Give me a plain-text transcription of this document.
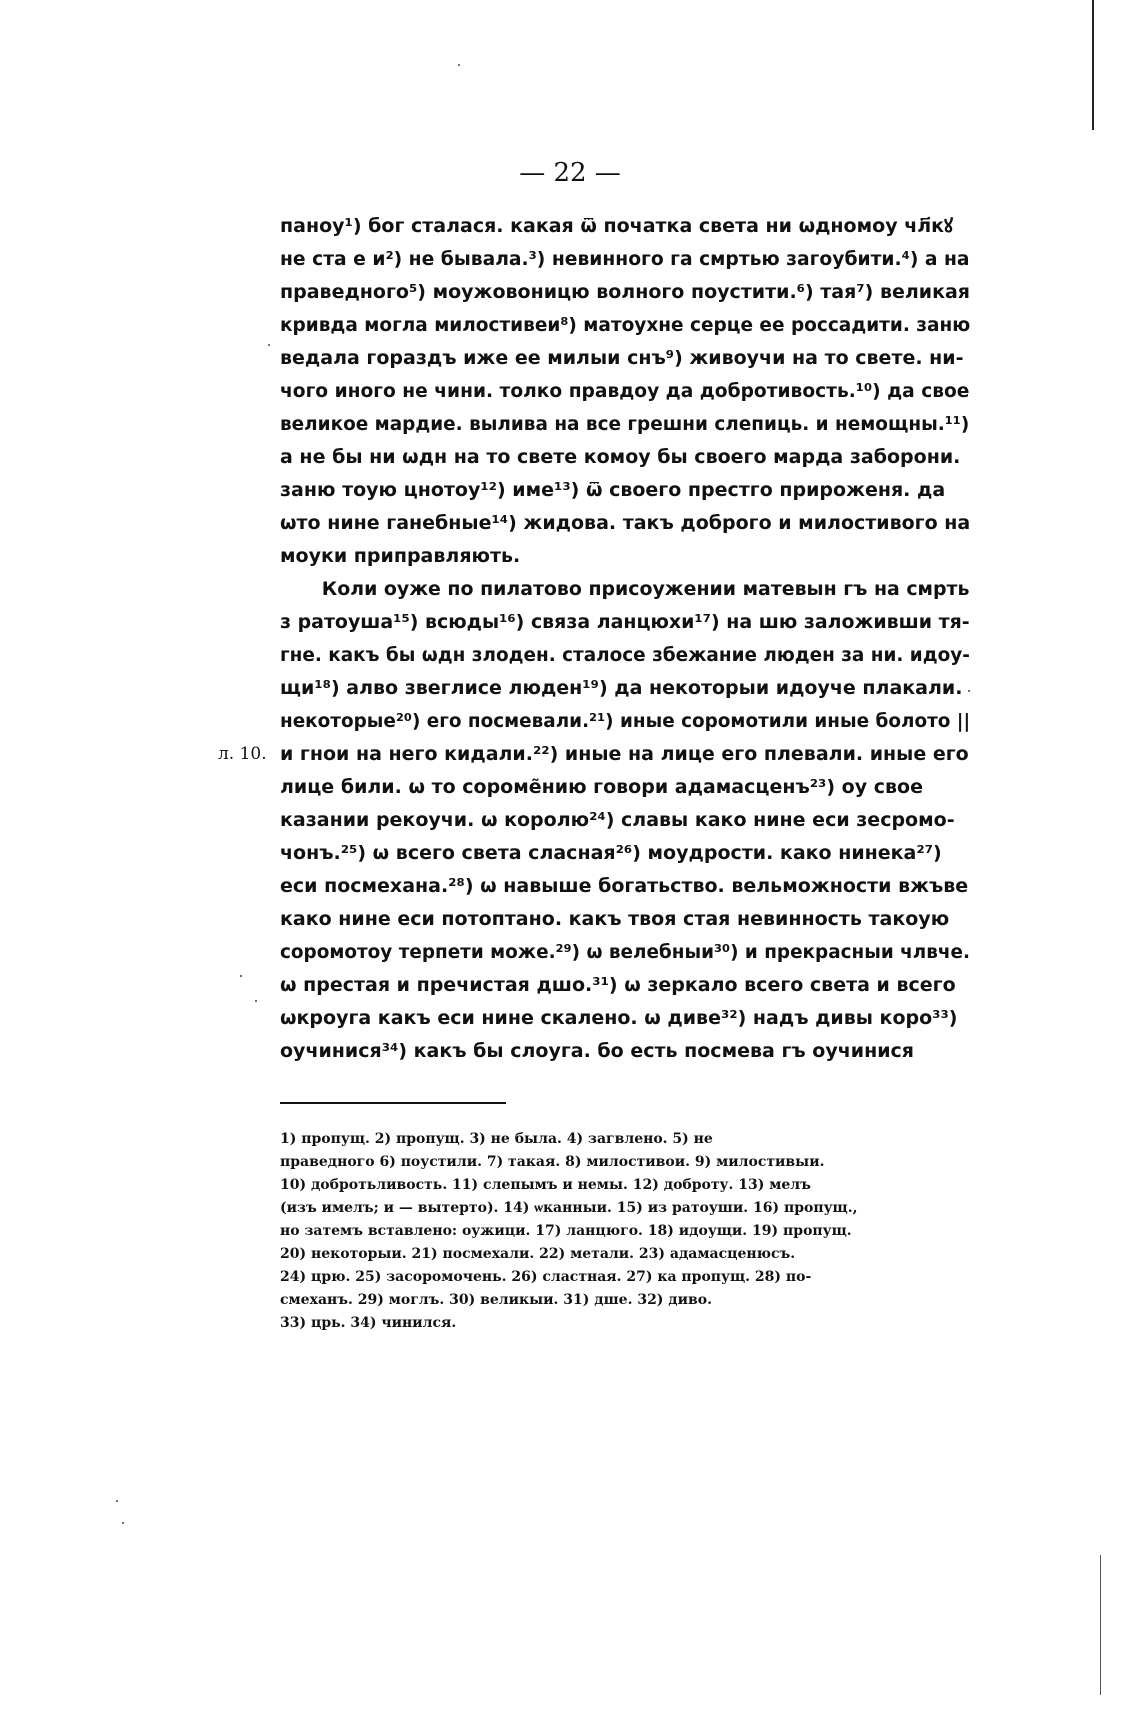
— 22 —
паноу¹) бог сталася. какая ѿ початка света ни ѡдномоу чл҃кꙋ
не ста е и²) не бывала.³) невинного га смртью загоубити.⁴) а на
праведного⁵) моужовоницю волного поустити.⁶) тая⁷) великая
кривда могла милостивеи⁸) матоухне серце ее россадити. заню
ведала гораздъ иже ее милыи снъ⁹) живоучи на то свете. ни-
чого иного не чини. толко правдоу да добротивость.¹⁰) да свое
великое мардие. вылива на все грешни слепиць. и немощны.¹¹)
а не бы ни ѡдн на то свете комоу бы своего марда заборони.
заню тоую цнотоу¹²) име¹³) ѿ своего престго прироженя. да
ѡто нине ганебные¹⁴) жидова. такъ доброго и милостивого на
моуки приправляють.
Коли оуже по пилатово присоужении матевын гъ на смрть
з ратоуша¹⁵) всюды¹⁶) связа ланцюхи¹⁷) на шю заложивши тя-
гне. какъ бы ѡдн злоден. сталосе збежание люден за ни. идоу-
щи¹⁸) алво звеглисе люден¹⁹) да некоторыи идоуче плакали.
некоторые²⁰) его посмевали.²¹) иные соромотили иные болото ||
л. 10. и гнои на него кидали.²²) иные на лице его плевали. иные его
лице били. ѡ то сороме̃нию говори адамасценъ²³) оу свое
казании рекоучи. ѡ королю²⁴) славы како нине еси зесромо-
чонъ.²⁵) ѡ всего света сласная²⁶) моудрости. како нинека²⁷)
еси посмехана.²⁸) ѡ навыше богатьство. вельможности вжъве
како нине еси потоптано. какъ твоя стая невинность такоую
соромотоу терпети може.²⁹) ѡ велебныи³⁰) и прекрасныи члвче.
ѡ престая и пречистая дшо.³¹) ѡ зеркало всего света и всего
ѡкроуга какъ еси нине скалено. ѡ диве³²) надъ дивы коро³³)
оучинися³⁴) какъ бы слоуга. бо есть посмева гъ оучинися
1) пропущ. 2) пропущ. 3) не была. 4) загвлено. 5) не
праведного 6) поустили. 7) такая. 8) милостивои. 9) милостивыи.
10) добротьливость. 11) слепымъ и немы. 12) доброту. 13) мелъ
(изъ имелъ; и — вытерто). 14) ѡканныи. 15) из ратоуши. 16) пропущ.,
но затемъ вставлено: оужици. 17) ланцюго. 18) идоущи. 19) пропущ.
20) некоторыи. 21) посмехали. 22) метали. 23) адамасценюсъ.
24) црю. 25) засоромочень. 26) сластная. 27) ка пропущ. 28) по-
смеханъ. 29) моглъ. 30) великыи. 31) дше. 32) диво.
33) црь. 34) чинился.
